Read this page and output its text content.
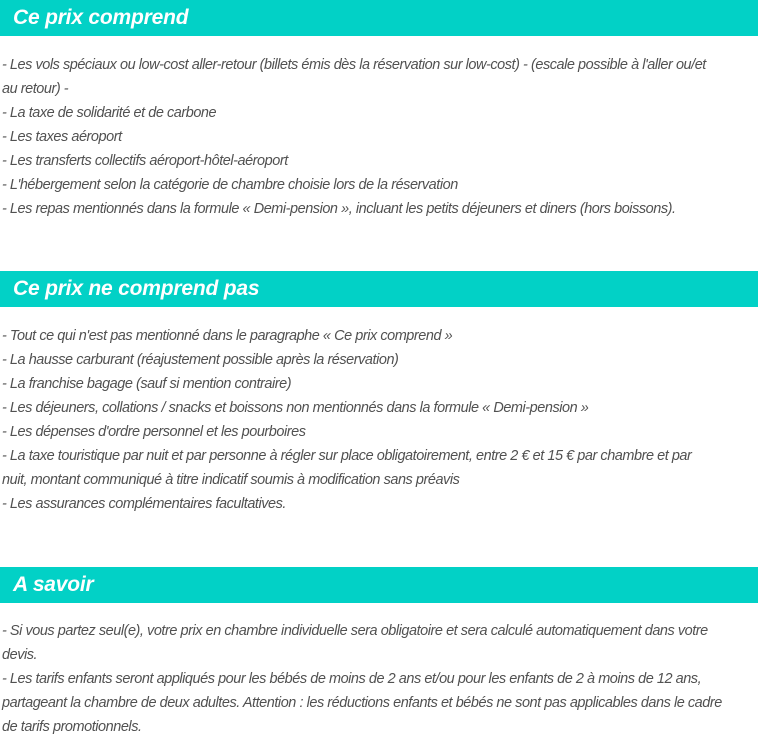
Ce prix comprend
- Les vols spéciaux ou low-cost aller-retour (billets émis dès la réservation sur low-cost) - (escale possible à l'aller ou/et
au retour) -
- La taxe de solidarité et de carbone
- Les taxes aéroport
- Les transferts collectifs aéroport-hôtel-aéroport
- L'hébergement selon la catégorie de chambre choisie lors de la réservation
- Les repas mentionnés dans la formule « Demi-pension », incluant les petits déjeuners et diners (hors boissons).
Ce prix ne comprend pas
- Tout ce qui n'est pas mentionné dans le paragraphe « Ce prix comprend »
- La hausse carburant (réajustement possible après la réservation)
- La franchise bagage (sauf si mention contraire)
- Les déjeuners, collations / snacks et boissons non mentionnés dans la formule « Demi-pension »
- Les dépenses d'ordre personnel et les pourboires
- La taxe touristique par nuit et par personne à régler sur place obligatoirement, entre 2 € et 15 € par chambre et par
nuit, montant communiqué à titre indicatif soumis à modification sans préavis
- Les assurances complémentaires facultatives.
A savoir
- Si vous partez seul(e), votre prix en chambre individuelle sera obligatoire et sera calculé automatiquement dans votre
devis.
- Les tarifs enfants seront appliqués pour les bébés de moins de 2 ans et/ou pour les enfants de 2 à moins de 12 ans,
partageant la chambre de deux adultes. Attention : les réductions enfants et bébés ne sont pas applicables dans le cadre
de tarifs promotionnels.
